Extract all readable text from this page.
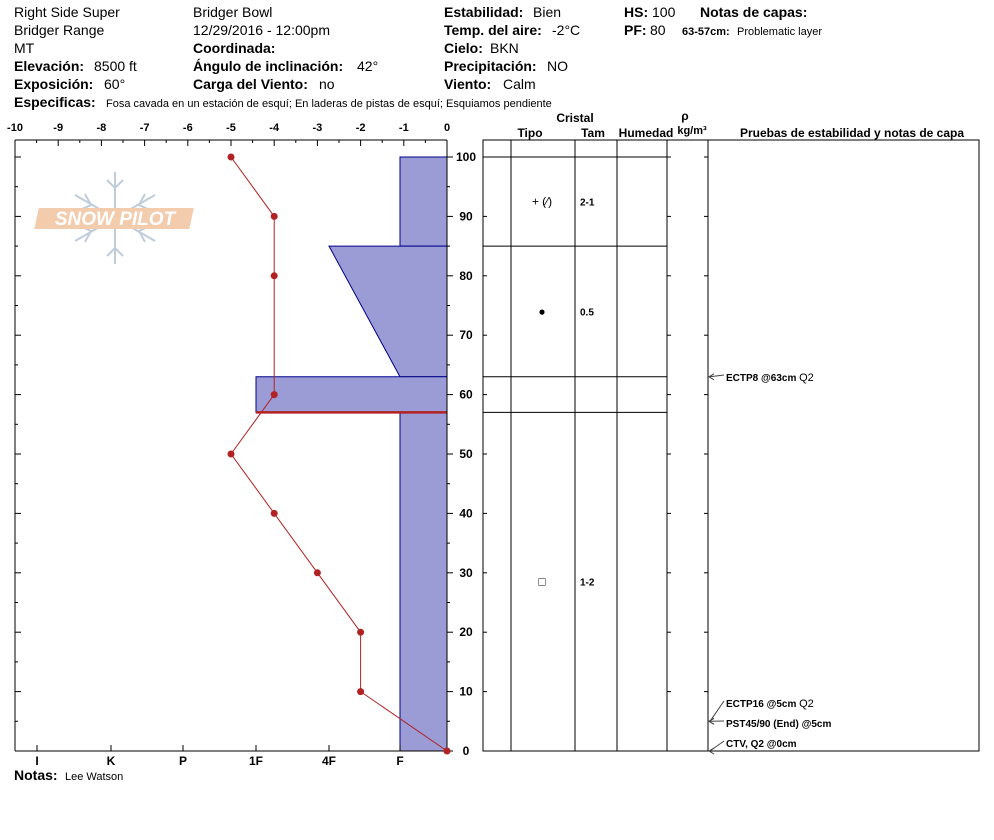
Right Side Super
Bridger Range
MT
Elevación: 8500 ft
Exposición: 60°
Bridger Bowl
12/29/2016 - 12:00pm
Coordinada:
Ángulo de inclinación: 42°
Carga del Viento: no
Estabilidad: Bien
Temp. del aire: -2°C
Cielo: BKN
Precipitación: NO
Viento: Calm
HS: 100
PF: 80
Notas de capas:
63-57cm: Problematic layer
Especificas: Fosa cavada en un estación de esquí; En laderas de pistas de esquí; Esquiamos pendiente
Notas: Lee Watson
SNOW PILOT
-10	-9	-8	-7	-6	-5	-4	-3	-2	-1	0
I	K	P	1F	4F	F
0
10
20
30
40
50
60
70
80
90
100
Cristal
Tipo	Tam Humedad
ρ
kg/m³	Pruebas de estabilidad y notas de capa
+ (⁄)	2-1
●	0.5
□	1-2
ECTP8 @63cm Q2
ECTP16 @5cm Q2
PST45/90 (End) @5cm
CTV, Q2 @0cm
